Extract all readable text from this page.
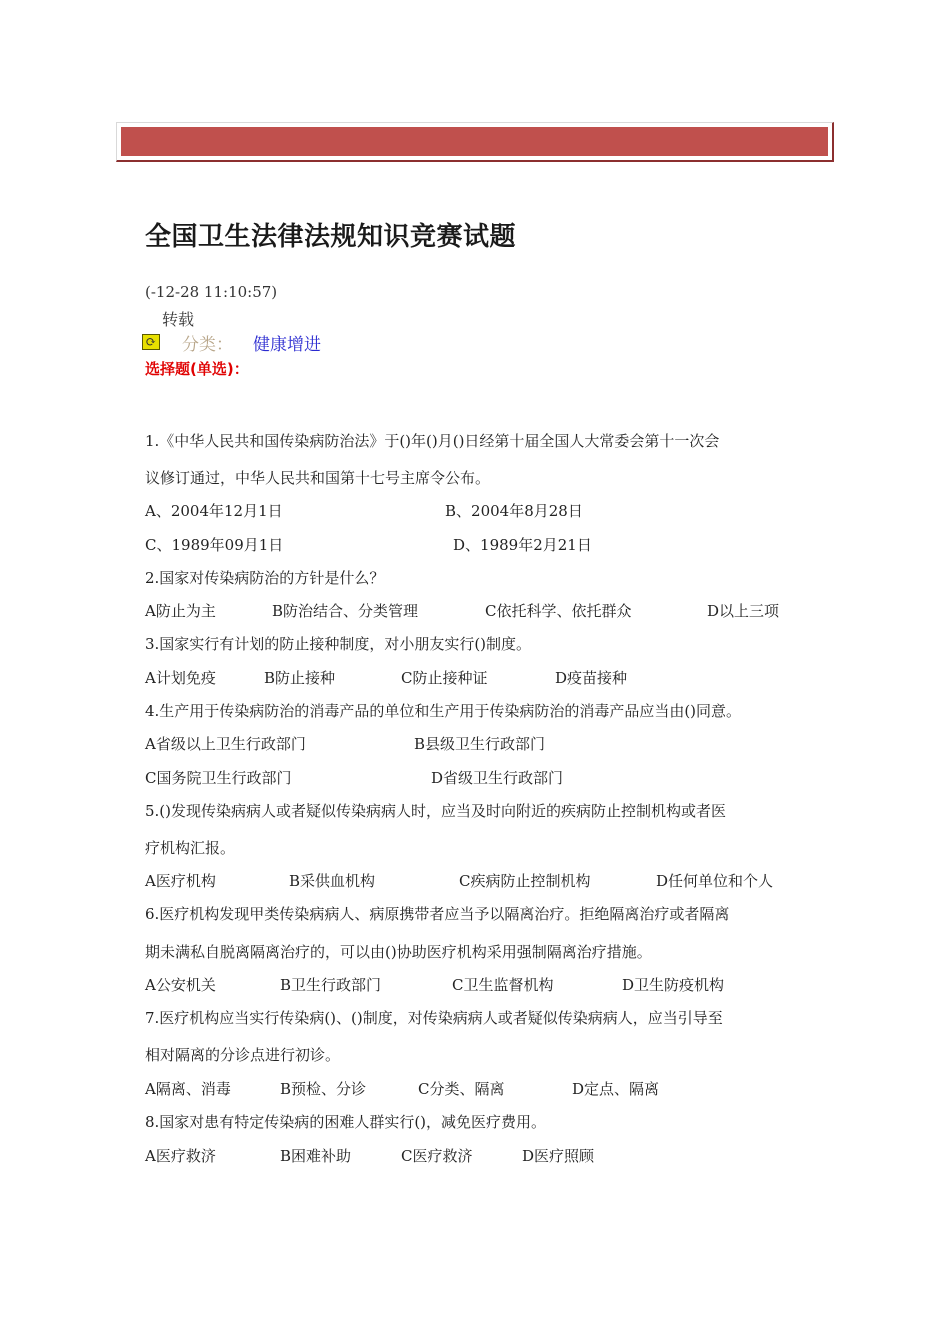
全国卫生法律法规知识竞赛试题
(-12-28 11:10:57)
转载
⟳ 分类： 健康增进
选择题(单选)：
1.《中华人民共和国传染病防治法》于()年()月()日经第十届全国人大常委会第十一次会
议修订通过，中华人民共和国第十七号主席令公布。
A、2004年12月1日	B、2004年8月28日
C、1989年09月1日	D、1989年2月21日
2.国家对传染病防治的方针是什么？
A防止为主	B防治结合、分类管理	C依托科学、依托群众	D以上三项
3.国家实行有计划的防止接种制度，对小朋友实行()制度。
A计划免疫	B防止接种	C防止接种证	D疫苗接种
4.生产用于传染病防治的消毒产品的单位和生产用于传染病防治的消毒产品应当由()同意。
A省级以上卫生行政部门	B县级卫生行政部门
C国务院卫生行政部门	D省级卫生行政部门
5.()发现传染病病人或者疑似传染病病人时，应当及时向附近的疾病防止控制机构或者医
疗机构汇报。
A医疗机构	B采供血机构	C疾病防止控制机构	D任何单位和个人
6.医疗机构发现甲类传染病病人、病原携带者应当予以隔离治疗。拒绝隔离治疗或者隔离
期未满私自脱离隔离治疗的，可以由()协助医疗机构采用强制隔离治疗措施。
A公安机关	B卫生行政部门	C卫生监督机构	D卫生防疫机构
7.医疗机构应当实行传染病()、()制度，对传染病病人或者疑似传染病病人，应当引导至
相对隔离的分诊点进行初诊。
A隔离、消毒	B预检、分诊	C分类、隔离	D定点、隔离
8.国家对患有特定传染病的困难人群实行()，减免医疗费用。
A医疗救济	B困难补助	C医疗救济	D医疗照顾
